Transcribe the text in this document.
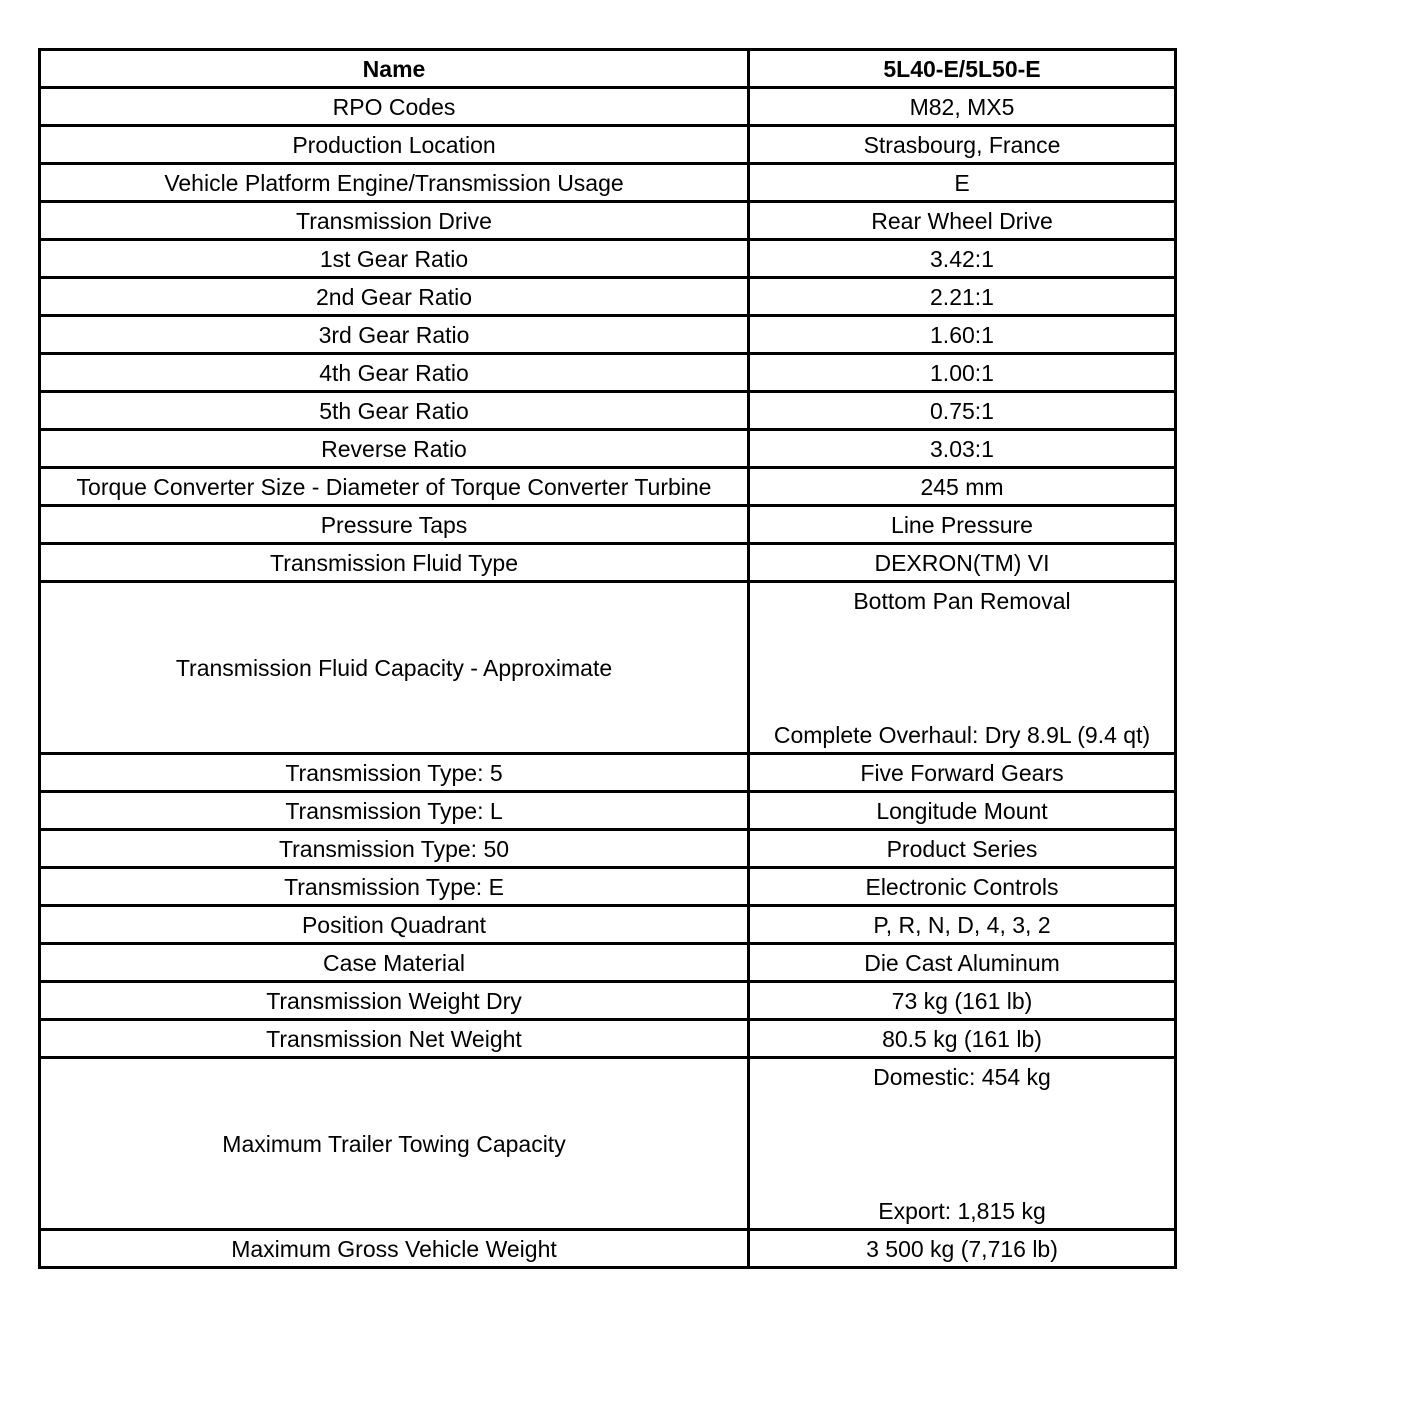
Name	5L40-E/5L50-E
RPO Codes	M82, MX5
Production Location	Strasbourg, France
Vehicle Platform Engine/Transmission Usage	E
Transmission Drive	Rear Wheel Drive
1st Gear Ratio	3.42:1
2nd Gear Ratio	2.21:1
3rd Gear Ratio	1.60:1
4th Gear Ratio	1.00:1
5th Gear Ratio	0.75:1
Reverse Ratio	3.03:1
Torque Converter Size - Diameter of Torque Converter Turbine	245 mm
Pressure Taps	Line Pressure
Transmission Fluid Type	DEXRON(TM) VI
Transmission Fluid Capacity - Approximate	Bottom Pan Removal
Complete Overhaul: Dry 8.9L (9.4 qt)

Transmission Type: 5	Five Forward Gears
Transmission Type: L	Longitude Mount
Transmission Type: 50	Product Series
Transmission Type: E	Electronic Controls
Position Quadrant	P, R, N, D, 4, 3, 2
Case Material	Die Cast Aluminum
Transmission Weight Dry	73 kg (161 lb)
Transmission Net Weight	80.5 kg (161 lb)
Maximum Trailer Towing Capacity	Domestic: 454 kg
Export: 1,815 kg

Maximum Gross Vehicle Weight	3 500 kg (7,716 lb)
